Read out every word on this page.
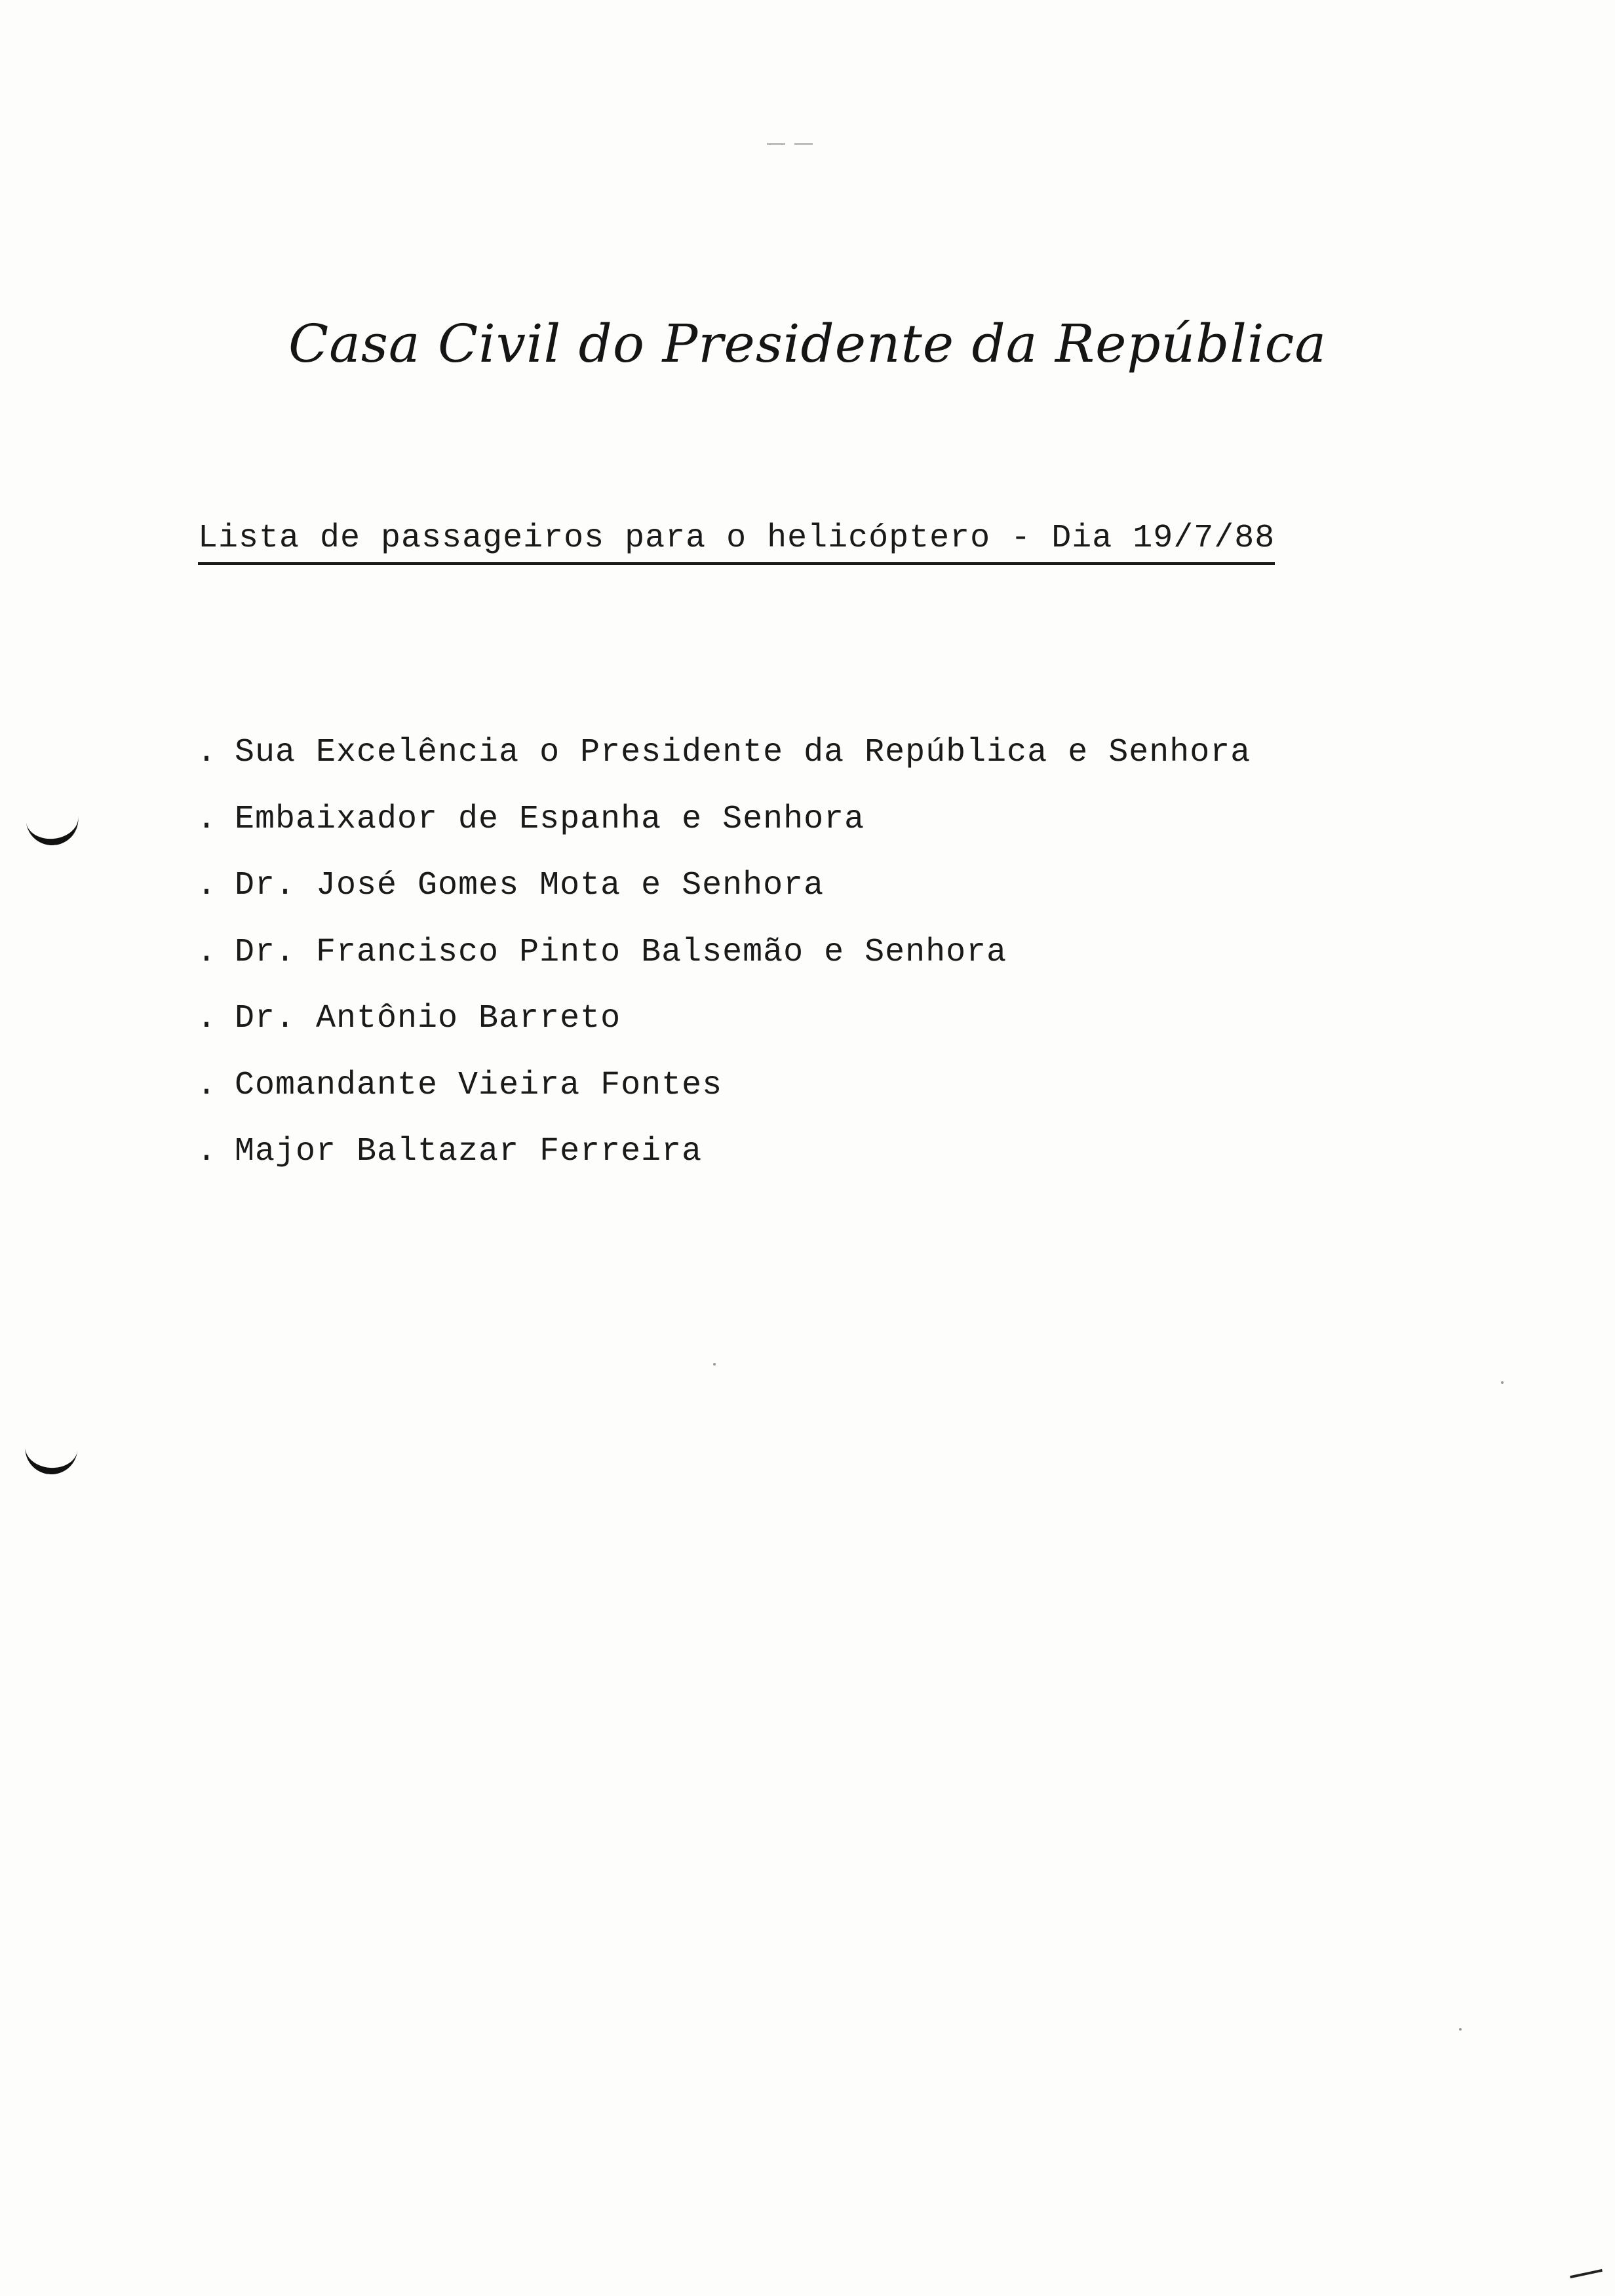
Casa Civil do Presidente da República
Lista de passageiros para o helicóptero - Dia 19/7/88
. Sua Excelência o Presidente da República e Senhora
. Embaixador de Espanha e Senhora
. Dr. José Gomes Mota e Senhora
. Dr. Francisco Pinto Balsemão e Senhora
. Dr. Antônio Barreto
. Comandante Vieira Fontes
. Major Baltazar Ferreira
